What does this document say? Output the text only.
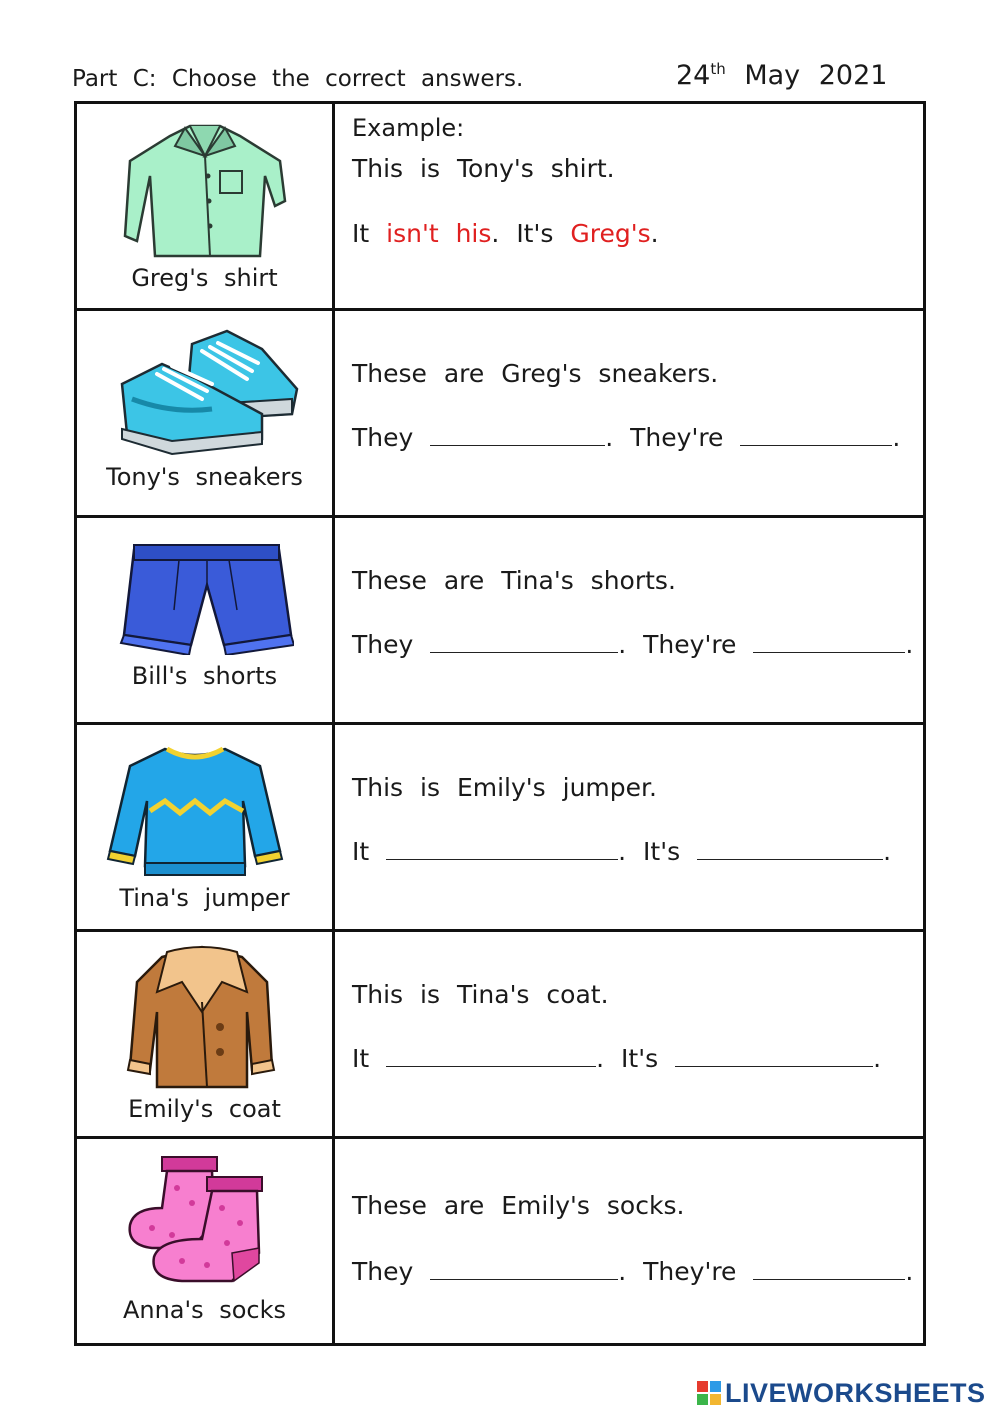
Part C: Choose the correct answers.	24th May 2021
Greg's shirt
Example:
This is Tony's shirt.
It isn't his. It's Greg's.
Tony's sneakers
These are Greg's sneakers.
They	. They're	.
Bill's shorts
These are Tina's shorts.
They	. They're	.
Tina's jumper
This is Emily's jumper.
It	. It's	.
Emily's coat
This is Tina's coat.
It	. It's	.
Anna's socks
These are Emily's socks.
They	. They're	.
LIVEWORKSHEETS
